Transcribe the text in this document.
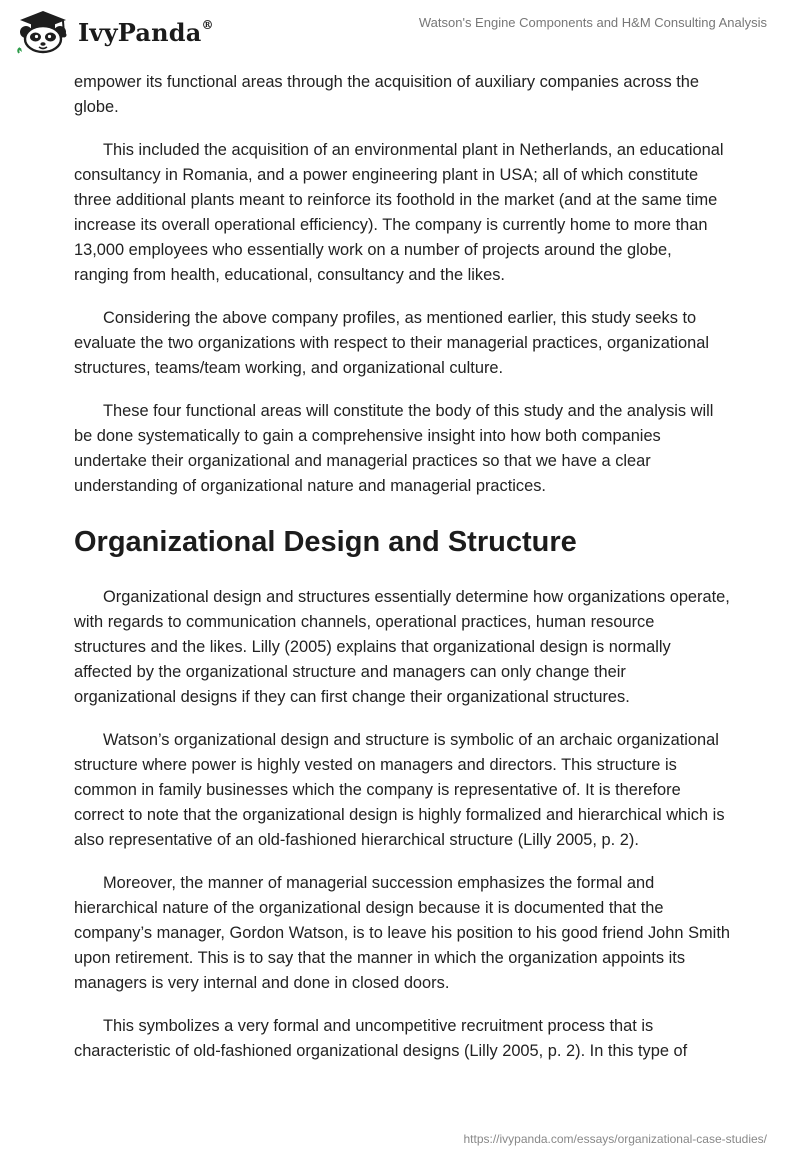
IvyPanda®	Watson's Engine Components and H&M Consulting Analysis

empower its functional areas through the acquisition of auxiliary companies across the globe.

This included the acquisition of an environmental plant in Netherlands, an educational consultancy in Romania, and a power engineering plant in USA; all of which constitute three additional plants meant to reinforce its foothold in the market (and at the same time increase its overall operational efficiency). The company is currently home to more than 13,000 employees who essentially work on a number of projects around the globe, ranging from health, educational, consultancy and the likes.

Considering the above company profiles, as mentioned earlier, this study seeks to evaluate the two organizations with respect to their managerial practices, organizational structures, teams/team working, and organizational culture.

These four functional areas will constitute the body of this study and the analysis will be done systematically to gain a comprehensive insight into how both companies undertake their organizational and managerial practices so that we have a clear understanding of organizational nature and managerial practices.

Organizational Design and Structure

Organizational design and structures essentially determine how organizations operate, with regards to communication channels, operational practices, human resource structures and the likes. Lilly (2005) explains that organizational design is normally affected by the organizational structure and managers can only change their organizational designs if they can first change their organizational structures.

Watson’s organizational design and structure is symbolic of an archaic organizational structure where power is highly vested on managers and directors. This structure is common in family businesses which the company is representative of. It is therefore correct to note that the organizational design is highly formalized and hierarchical which is also representative of an old-fashioned hierarchical structure (Lilly 2005, p. 2).

Moreover, the manner of managerial succession emphasizes the formal and hierarchical nature of the organizational design because it is documented that the company’s manager, Gordon Watson, is to leave his position to his good friend John Smith upon retirement. This is to say that the manner in which the organization appoints its managers is very internal and done in closed doors.

This symbolizes a very formal and uncompetitive recruitment process that is characteristic of old-fashioned organizational designs (Lilly 2005, p. 2). In this type of

https://ivypanda.com/essays/organizational-case-studies/
